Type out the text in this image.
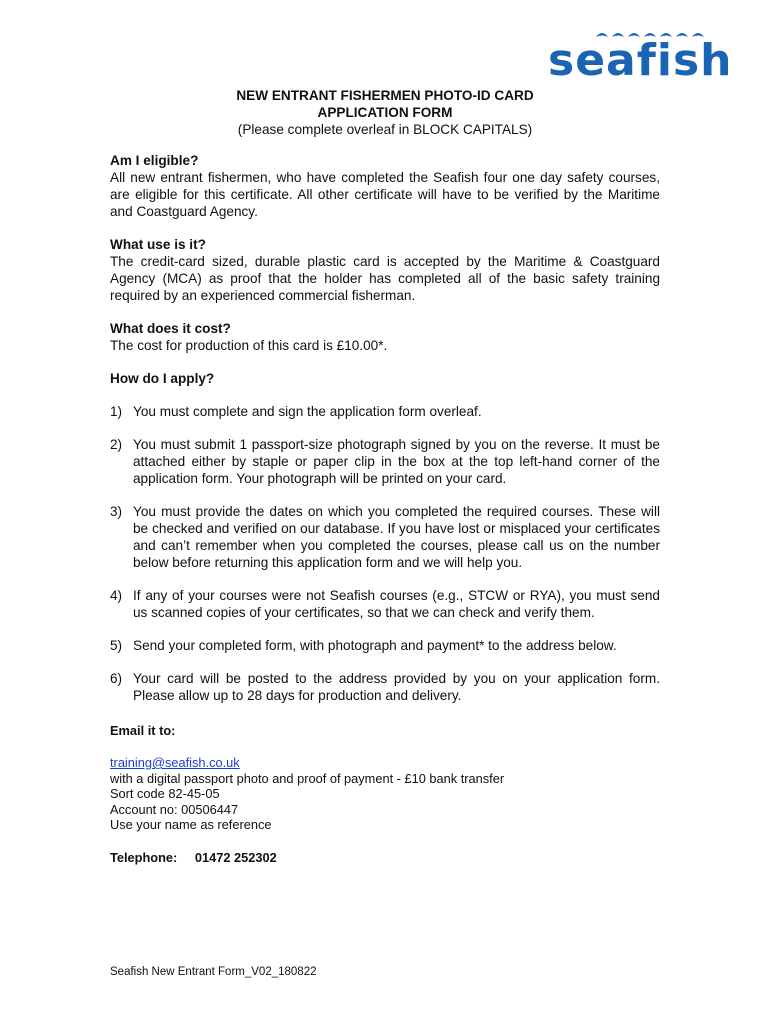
seafish
NEW ENTRANT FISHERMEN PHOTO-ID CARD
APPLICATION FORM
(Please complete overleaf in BLOCK CAPITALS)

Am I eligible?

All new entrant fishermen, who have completed the Seafish four one day safety courses, are eligible for this certificate. All other certificate will have to be verified by the Maritime and Coastguard Agency.

What use is it?

The credit-card sized, durable plastic card is accepted by the Maritime & Coastguard Agency (MCA) as proof that the holder has completed all of the basic safety training required by an experienced commercial fisherman.

What does it cost?

The cost for production of this card is £10.00*.

How do I apply?

1) You must complete and sign the application form overleaf.
2) You must submit 1 passport-size photograph signed by you on the reverse. It must be attached either by staple or paper clip in the box at the top left-hand corner of the application form. Your photograph will be printed on your card.
3) You must provide the dates on which you completed the required courses. These will be checked and verified on our database. If you have lost or misplaced your certificates and can’t remember when you completed the courses, please call us on the number below before returning this application form and we will help you.
4) If any of your courses were not Seafish courses (e.g., STCW or RYA), you must send us scanned copies of your certificates, so that we can check and verify them.
5) Send your completed form, with photograph and payment* to the address below.
6) Your card will be posted to the address provided by you on your application form. Please allow up to 28 days for production and delivery.
Email it to:
training@seafish.co.uk
with a digital passport photo and proof of payment - £10 bank transfer
Sort code 82-45-05
Account no: 00506447
Use your name as reference
Telephone: 01472 252302
Seafish New Entrant Form_V02_180822
